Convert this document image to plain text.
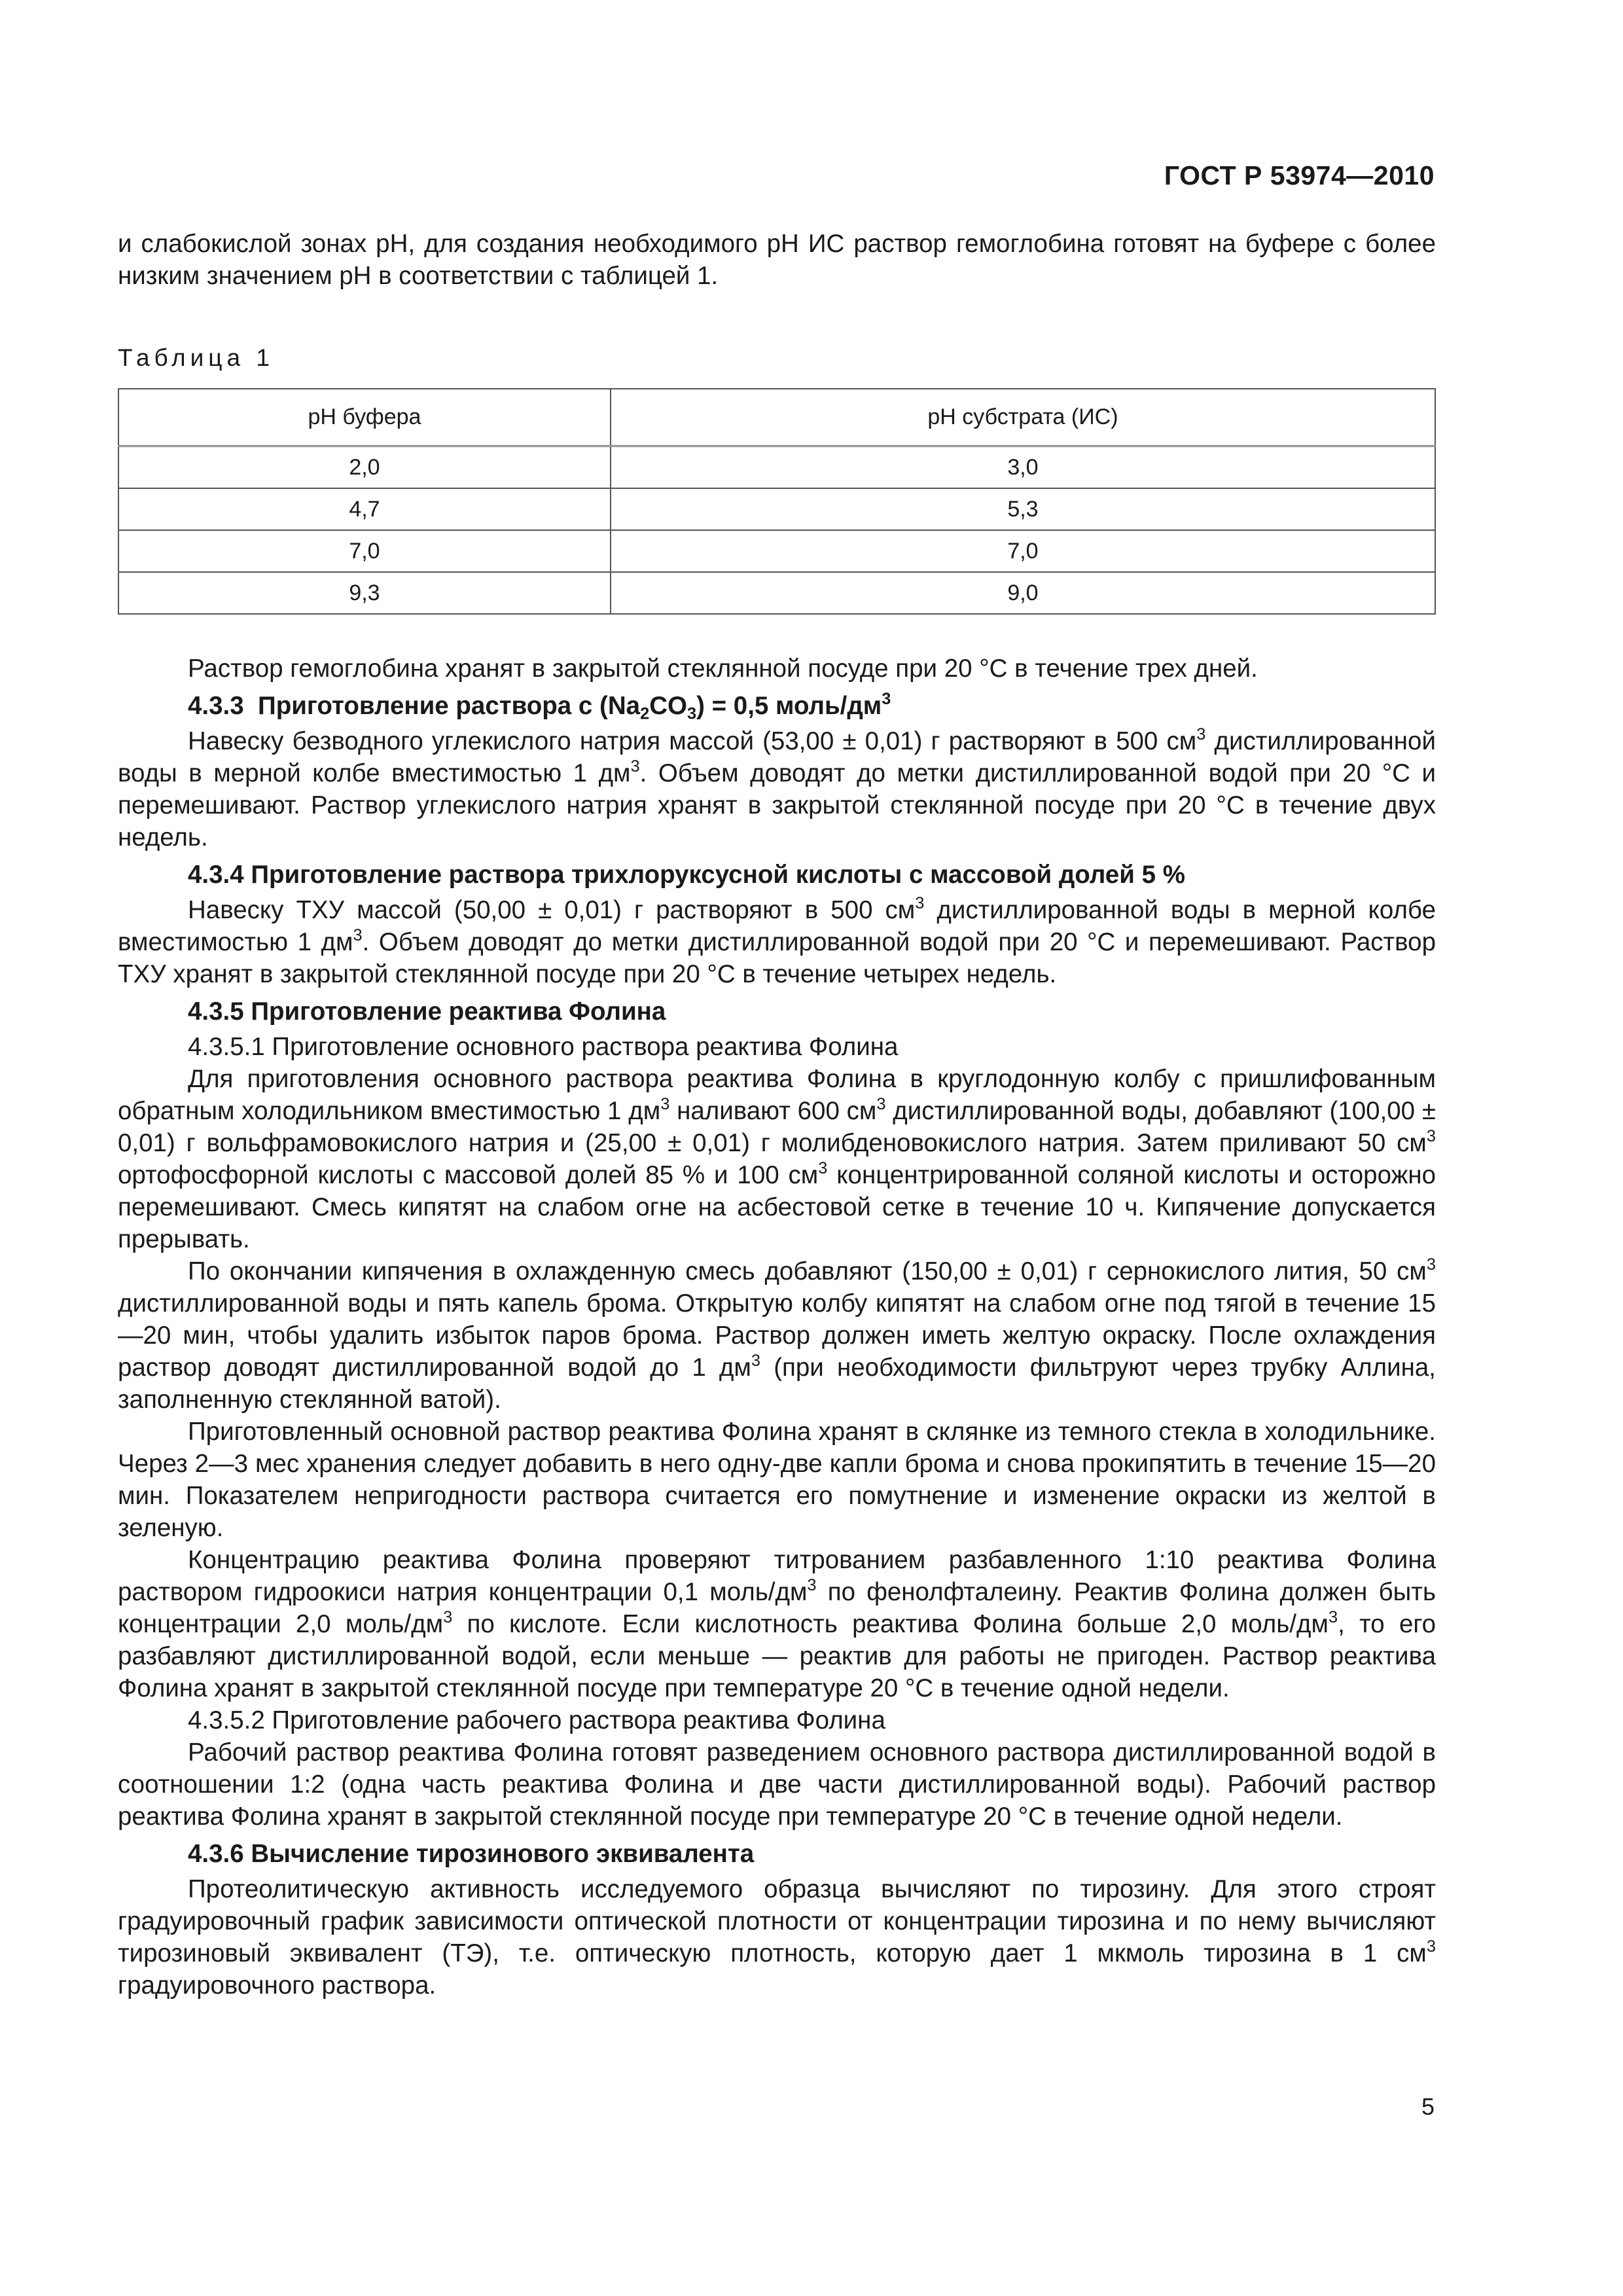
ГОСТ Р 53974—2010

и слабокислой зонах рН, для создания необходимого рН ИС раствор гемоглобина готовят на буфере с более низким значением рН в соответствии с таблицей 1.

Таблица 1
рН буфера	рН субстрата (ИС)
2,0	3,0
4,7	5,3
7,0	7,0
9,3	9,0

Раствор гемоглобина хранят в закрытой стеклянной посуде при 20 °С в течение трех дней.

4.3.3 Приготовление раствора c $(Na_2CO_3) = 0,5$ моль/$дм^3$

Навеску безводного углекислого натрия массой (53,00 ± 0,01) г растворяют в 500 $см^3$ дистиллированной воды в мерной колбе вместимостью 1 $дм^3$. Объем доводят до метки дистиллированной водой при 20 °С и перемешивают. Раствор углекислого натрия хранят в закрытой стеклянной посуде при 20 °С в течение двух недель.

4.3.4 Приготовление раствора трихлоруксусной кислоты с массовой долей 5 %

Навеску ТХУ массой (50,00 ± 0,01) г растворяют в 500 $см^3$ дистиллированной воды в мерной колбе вместимостью 1 $дм^3$. Объем доводят до метки дистиллированной водой при 20 °С и перемешивают. Раствор ТХУ хранят в закрытой стеклянной посуде при 20 °С в течение четырех недель.

4.3.5 Приготовление реактива Фолина

4.3.5.1 Приготовление основного раствора реактива Фолина

Для приготовления основного раствора реактива Фолина в круглодонную колбу с пришлифованным обратным холодильником вместимостью 1 $дм^3$ наливают 600 $см^3$ дистиллированной воды, добавляют (100,00 ± 0,01) г вольфрамовокислого натрия и (25,00 ± 0,01) г молибденовокислого натрия. Затем приливают 50 $см^3$ ортофосфорной кислоты с массовой долей 85 % и 100 $см^3$ концентрированной соляной кислоты и осторожно перемешивают. Смесь кипятят на слабом огне на асбестовой сетке в течение 10 ч. Кипячение допускается прерывать.

По окончании кипячения в охлажденную смесь добавляют (150,00 ± 0,01) г сернокислого лития, 50 $см^3$ дистиллированной воды и пять капель брома. Открытую колбу кипятят на слабом огне под тягой в течение 15—20 мин, чтобы удалить избыток паров брома. Раствор должен иметь желтую окраску. После охлаждения раствор доводят дистиллированной водой до 1 $дм^3$ (при необходимости фильтруют через трубку Аллина, заполненную стеклянной ватой).

Приготовленный основной раствор реактива Фолина хранят в склянке из темного стекла в холодильнике. Через 2—3 мес хранения следует добавить в него одну-две капли брома и снова прокипятить в течение 15—20 мин. Показателем непригодности раствора считается его помутнение и изменение окраски из желтой в зеленую.

Концентрацию реактива Фолина проверяют титрованием разбавленного 1:10 реактива Фолина раствором гидроокиси натрия концентрации 0,1 моль/$дм^3$ по фенолфталеину. Реактив Фолина должен быть концентрации 2,0 моль/$дм^3$ по кислоте. Если кислотность реактива Фолина больше 2,0 моль/$дм^3$, то его разбавляют дистиллированной водой, если меньше — реактив для работы не пригоден. Раствор реактива Фолина хранят в закрытой стеклянной посуде при температуре 20 °С в течение одной недели.

4.3.5.2 Приготовление рабочего раствора реактива Фолина

Рабочий раствор реактива Фолина готовят разведением основного раствора дистиллированной водой в соотношении 1:2 (одна часть реактива Фолина и две части дистиллированной воды). Рабочий раствор реактива Фолина хранят в закрытой стеклянной посуде при температуре 20 °С в течение одной недели.

4.3.6 Вычисление тирозинового эквивалента

Протеолитическую активность исследуемого образца вычисляют по тирозину. Для этого строят градуировочный график зависимости оптической плотности от концентрации тирозина и по нему вычисляют тирозиновый эквивалент (ТЭ), т.е. оптическую плотность, которую дает 1 мкмоль тирозина в 1 $см^3$ градуировочного раствора.

5
